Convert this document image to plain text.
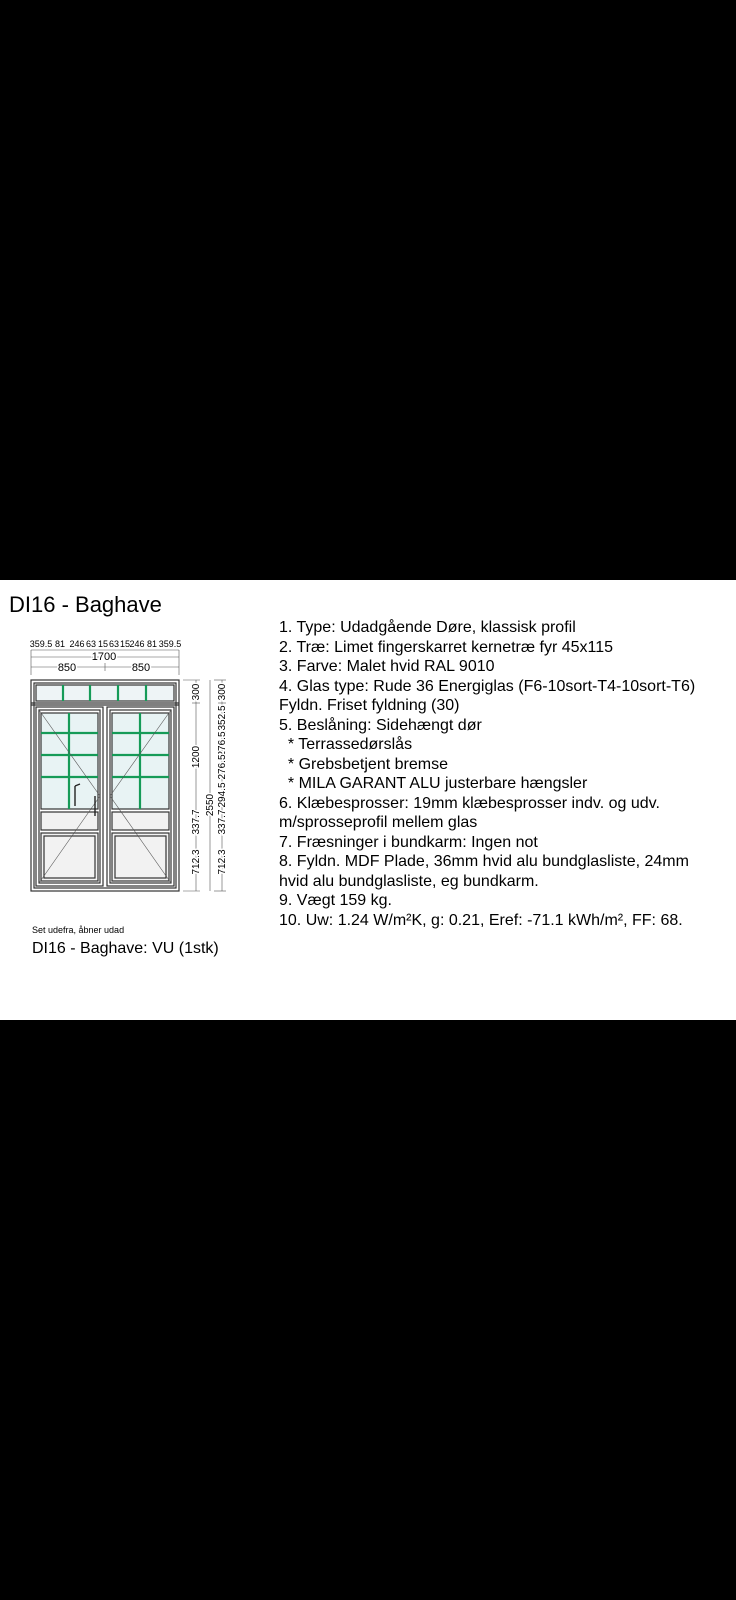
DI16 - Baghave
359.5 81 246 63 15 63 15 246 81 359.5
1700
850	850
300
1200
337.7
712.3
2550
300
352.5
276.5
276.5
294.5
337.7
712.3
Set udefra, åbner udad
DI16 - Baghave: VU (1stk)
1. Type: Udadgående Døre, klassisk profil
2. Træ: Limet fingerskarret kernetræ fyr 45x115
3. Farve: Malet hvid RAL 9010
4. Glas type: Rude 36 Energiglas (F6-10sort-T4-10sort-T6)
Fyldn. Friset fyldning (30)
5. Beslåning: Sidehængt dør
* Terrassedørslås
* Grebsbetjent bremse
* MILA GARANT ALU justerbare hængsler
6. Klæbesprosser: 19mm klæbesprosser indv. og udv. m/sprosseprofil mellem glas
7. Fræsninger i bundkarm: Ingen not
8. Fyldn. MDF Plade, 36mm hvid alu bundglasliste, 24mm hvid alu bundglasliste, eg bundkarm.
9. Vægt 159 kg.
10. Uw: 1.24 W/m²K, g: 0.21, Eref: -71.1 kWh/m², FF: 68.
